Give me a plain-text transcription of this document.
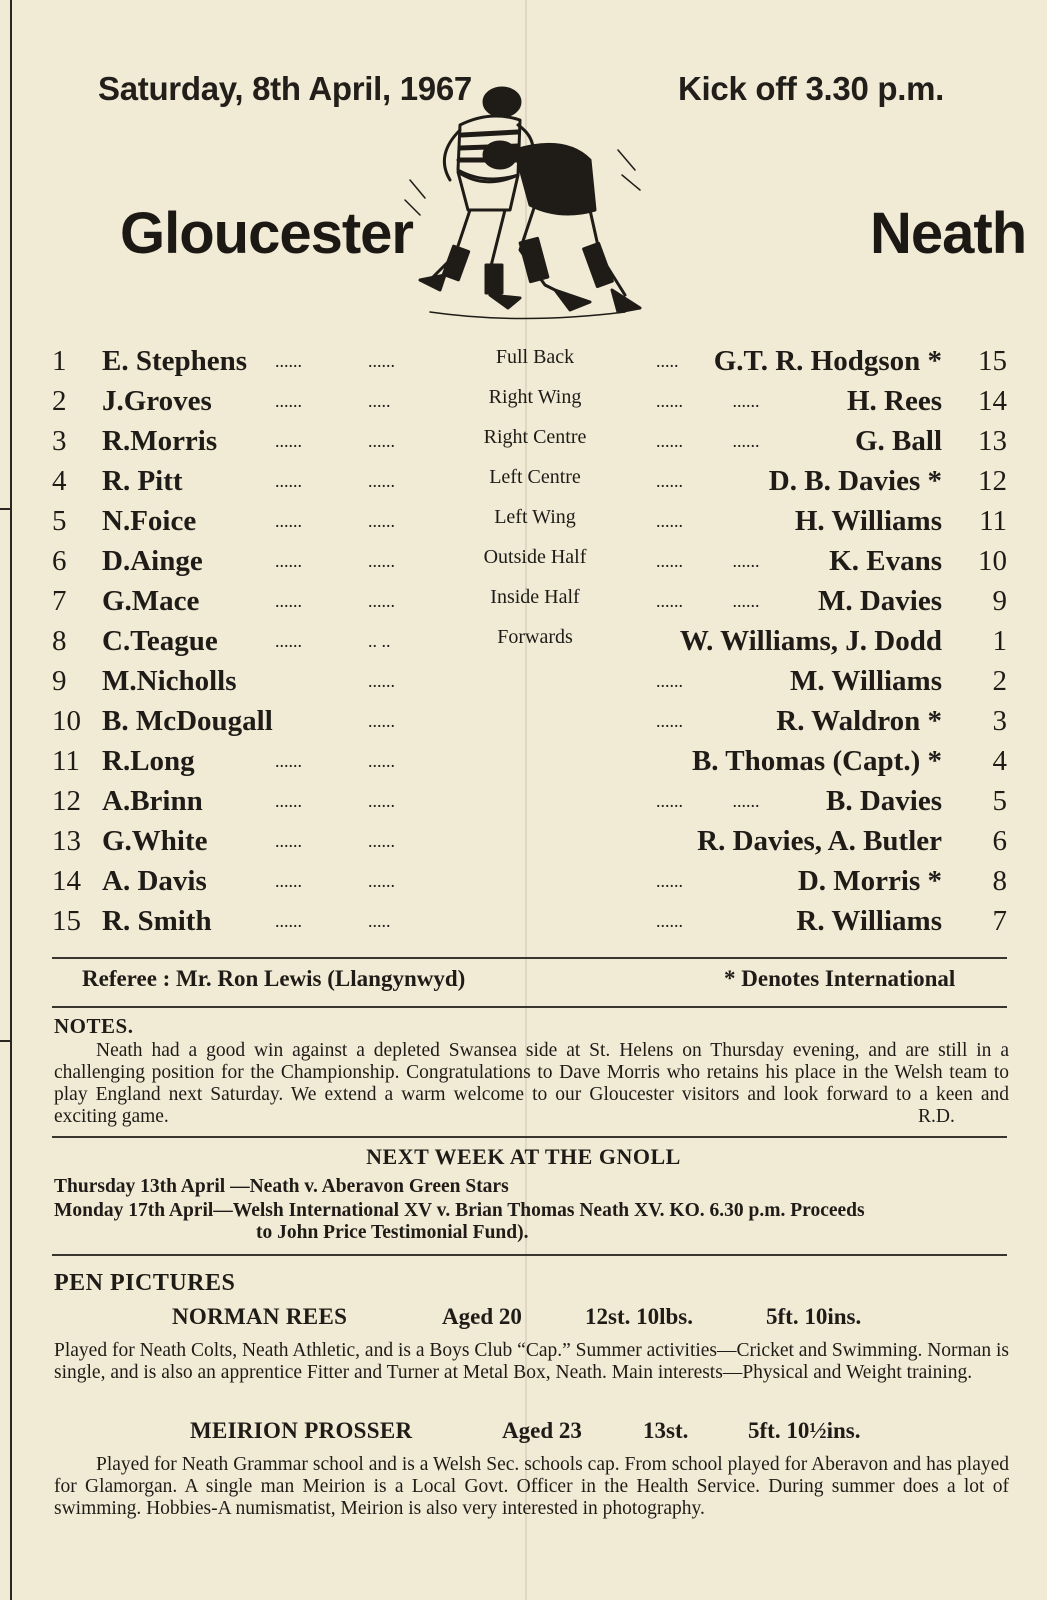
Saturday, 8th April, 1967	Kick off 3.30 p.m.
Gloucester	Neath
1	E. Stephens ......	......	Full Back	..... G.T. R. Hodgson * 15
2	J.Groves	......	.....	Right Wing	......           ......	H. Rees 14
3	R.Morris	......	......	Right Centre	......           ......	G. Ball 13
4	R. Pitt	......	......	Left Centre	......	D. B. Davies * 12
5	N.Foice	......	......	Left Wing	......	H. Williams 11
6	D.Ainge	......	......	Outside Half	......           ...... K. Evans 10
7	G.Mace	......	......	Inside Half	......           ...... M. Davies 9
8	C.Teague	......	.. ..	Forwards	W. Williams, J. Dodd 1
9	M.Nicholls	......	......	M. Williams 2
10 B. McDougall	......	......	R. Waldron * 3
11 R.Long	......	......	B. Thomas (Capt.) * 4
12 A.Brinn	......	......	......           ...... B. Davies 5
13 G.White	......	......	R. Davies, A. Butler 6
14 A. Davis	......	......	......	D. Morris * 8
15 R. Smith	......	.....	......	R. Williams 7
Referee : Mr. Ron Lewis (Llangynwyd)	* Denotes International
NOTES.
Neath had a good win against a depleted Swansea side at St. Helens on Thursday evening, and are still in a challenging position for the Championship. Congratulations to Dave Morris who retains his place in the Welsh team to play England next Saturday. We extend a warm welcome to our Gloucester visitors and look forward to a keen and exciting game.	R.D.
NEXT WEEK AT THE GNOLL
Thursday 13th April —Neath v. Aberavon Green Stars
Monday 17th April—Welsh International XV v. Brian Thomas Neath XV. KO. 6.30 p.m. Proceeds
to John Price Testimonial Fund).
PEN PICTURES
NORMAN REES	Aged 20	12st. 10lbs.	5ft. 10ins.
Played for Neath Colts, Neath Athletic, and is a Boys Club “Cap.” Summer activities—Cricket and Swimming. Norman is single, and is also an apprentice Fitter and Turner at Metal Box, Neath. Main interests—Physical and Weight training.
MEIRION PROSSER	Aged 23	13st.	5ft. 10½ins.
Played for Neath Grammar school and is a Welsh Sec. schools cap. From school played for Aberavon and has played for Glamorgan. A single man Meirion is a Local Govt. Officer in the Health Service. During summer does a lot of swimming. Hobbies-A numismatist, Meirion is also very interested in photography.
